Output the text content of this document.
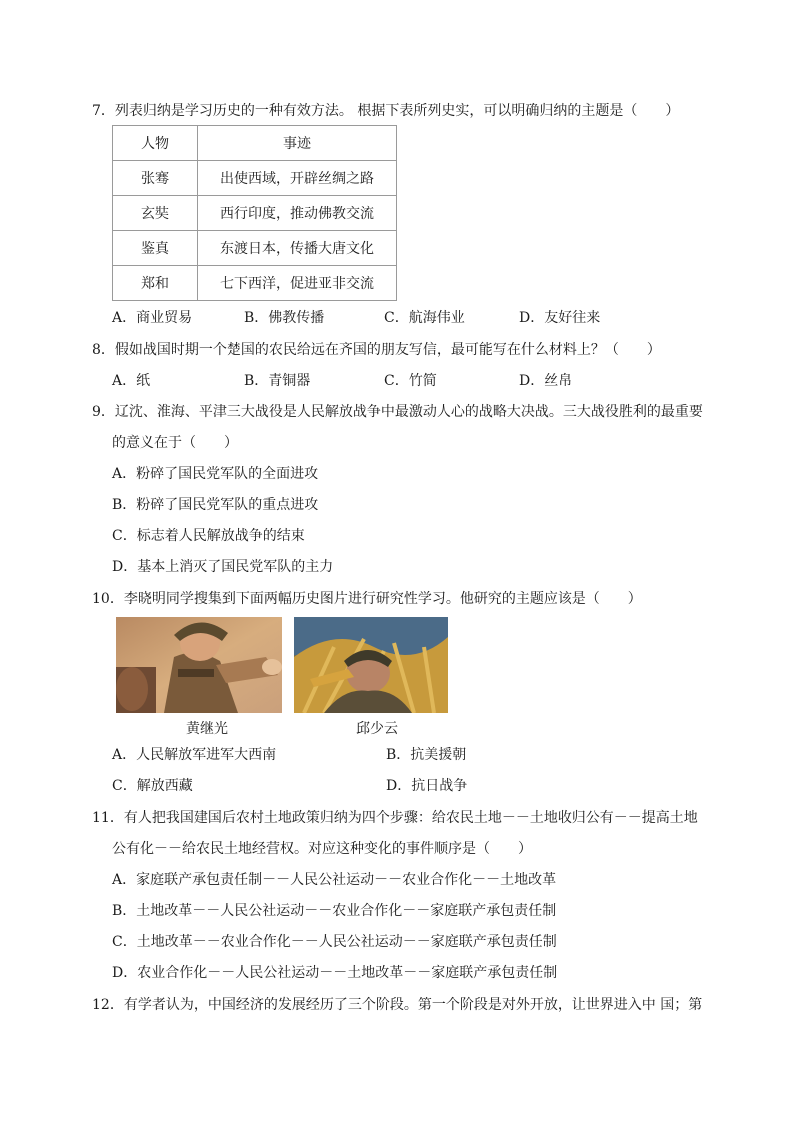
7．列表归纳是学习历史的一种有效方法。 根据下表所列史实，可以明确归纳的主题是（　　）
人物	事迹
张骞	出使西域，开辟丝绸之路
玄奘	西行印度，推动佛教交流
鉴真	东渡日本，传播大唐文化
郑和	七下西洋，促进亚非交流
A．商业贸易	B．佛教传播	C．航海伟业	D．友好往来
8．假如战国时期一个楚国的农民给远在齐国的朋友写信，最可能写在什么材料上？（　　）
A．纸	B．青铜器	C．竹简	D．丝帛
9．辽沈、淮海、平津三大战役是人民解放战争中最激动人心的战略大决战。三大战役胜利的最重要
的意义在于（　　）
A．粉碎了国民党军队的全面进攻
B．粉碎了国民党军队的重点进攻
C．标志着人民解放战争的结束
D．基本上消灭了国民党军队的主力
10．李晓明同学搜集到下面两幅历史图片进行研究性学习。他研究的主题应该是（　　）
黄继光	邱少云
A．人民解放军进军大西南	B．抗美援朝
C．解放西藏	D．抗日战争
11．有人把我国建国后农村土地政策归纳为四个步骤：给农民土地－－土地收归公有－－提高土地
公有化－－给农民土地经营权。对应这种变化的事件顺序是（　　）
A．家庭联产承包责任制－－人民公社运动－－农业合作化－－土地改革
B．土地改革－－人民公社运动－－农业合作化－－家庭联产承包责任制
C．土地改革－－农业合作化－－人民公社运动－－家庭联产承包责任制
D．农业合作化－－人民公社运动－－土地改革－－家庭联产承包责任制
12．有学者认为，中国经济的发展经历了三个阶段。第一个阶段是对外开放，让世界进入中 国；第
